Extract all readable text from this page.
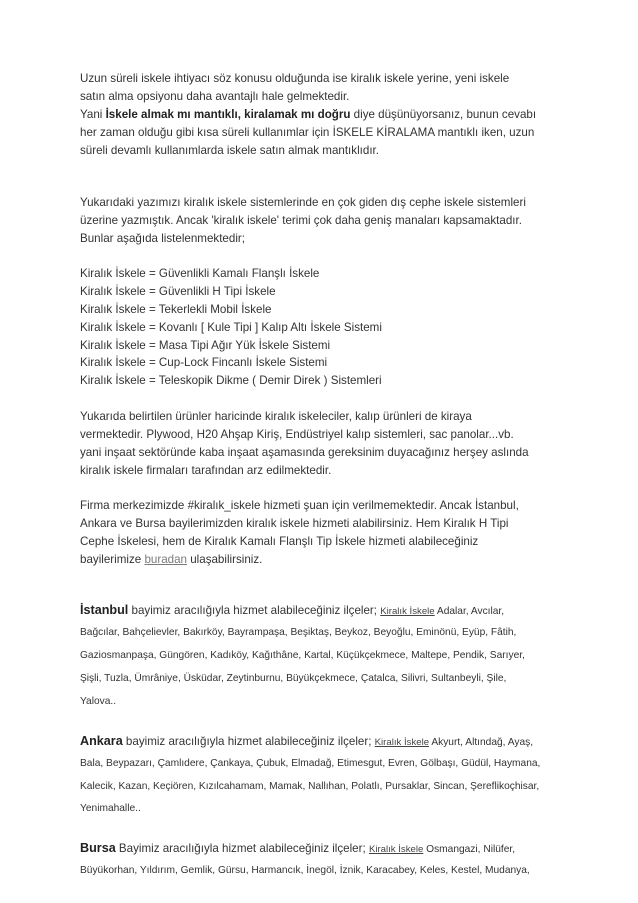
Uzun süreli iskele ihtiyacı söz konusu olduğunda ise kiralık iskele yerine, yeni iskele
satın alma opsiyonu daha avantajlı hale gelmektedir.
Yani İskele almak mı mantıklı, kiralamak mı doğru diye düşünüyorsanız, bunun cevabı
her zaman olduğu gibi kısa süreli kullanımlar için İSKELE KİRALAMA mantıklı iken, uzun
süreli devamlı kullanımlarda iskele satın almak mantıklıdır.
Yukarıdaki yazımızı kiralık iskele sistemlerinde en çok giden dış cephe iskele sistemleri
üzerine yazmıştık. Ancak 'kiralık iskele' terimi çok daha geniş manaları kapsamaktadır.
Bunlar aşağıda listelenmektedir;
Kiralık İskele = Güvenlikli Kamalı Flanşlı İskele
Kiralık İskele = Güvenlikli H Tipi İskele
Kiralık İskele = Tekerlekli Mobil İskele
Kiralık İskele = Kovanlı [ Kule Tipi ] Kalıp Altı İskele Sistemi
Kiralık İskele = Masa Tipi Ağır Yük İskele Sistemi
Kiralık İskele = Cup-Lock Fincanlı İskele Sistemi
Kiralık İskele = Teleskopik Dikme ( Demir Direk ) Sistemleri
Yukarıda belirtilen ürünler haricinde kiralık iskeleciler, kalıp ürünleri de kiraya
vermektedir. Plywood, H20 Ahşap Kiriş, Endüstriyel kalıp sistemleri, sac panolar...vb.
yani inşaat sektöründe kaba inşaat aşamasında gereksinim duyacağınız herşey aslında
kiralık iskele firmaları tarafından arz edilmektedir.
Firma merkezimizde #kiralık_iskele hizmeti şuan için verilmemektedir. Ancak İstanbul,
Ankara ve Bursa bayilerimizden kiralık iskele hizmeti alabilirsiniz. Hem Kiralık H Tipi
Cephe İskelesi, hem de Kiralık Kamalı Flanşlı Tip İskele hizmeti alabileceğiniz
bayilerimize buradan ulaşabilirsiniz.
İstanbul bayimiz aracılığıyla hizmet alabileceğiniz ilçeler; Kiralık İskele Adalar, Avcılar,
Bağcılar, Bahçelievler, Bakırköy, Bayrampaşa, Beşiktaş, Beykoz, Beyoğlu, Eminönü, Eyüp, Fâtih,
Gaziosmanpaşa, Güngören, Kadıköy, Kağıthâne, Kartal, Küçükçekmece, Maltepe, Pendik, Sarıyer,
Şişli, Tuzla, Ümrâniye, Üsküdar, Zeytinburnu, Büyükçekmece, Çatalca, Silivri, Sultanbeyli, Şile,
Yalova..
Ankara bayimiz aracılığıyla hizmet alabileceğiniz ilçeler; Kiralık İskele Akyurt, Altındağ, Ayaş,
Bala, Beypazarı, Çamlıdere, Çankaya, Çubuk, Elmadağ, Etimesgut, Evren, Gölbaşı, Güdül, Haymana,
Kalecik, Kazan, Keçiören, Kızılcahamam, Mamak, Nallıhan, Polatlı, Pursaklar, Sincan, Şereflikoçhisar,
Yenimahalle..
Bursa Bayimiz aracılığıyla hizmet alabileceğiniz ilçeler; Kiralık İskele Osmangazi, Nilüfer,
Büyükorhan, Yıldırım, Gemlik, Gürsu, Harmancık, İnegöl, İznik, Karacabey, Keles, Kestel, Mudanya,
